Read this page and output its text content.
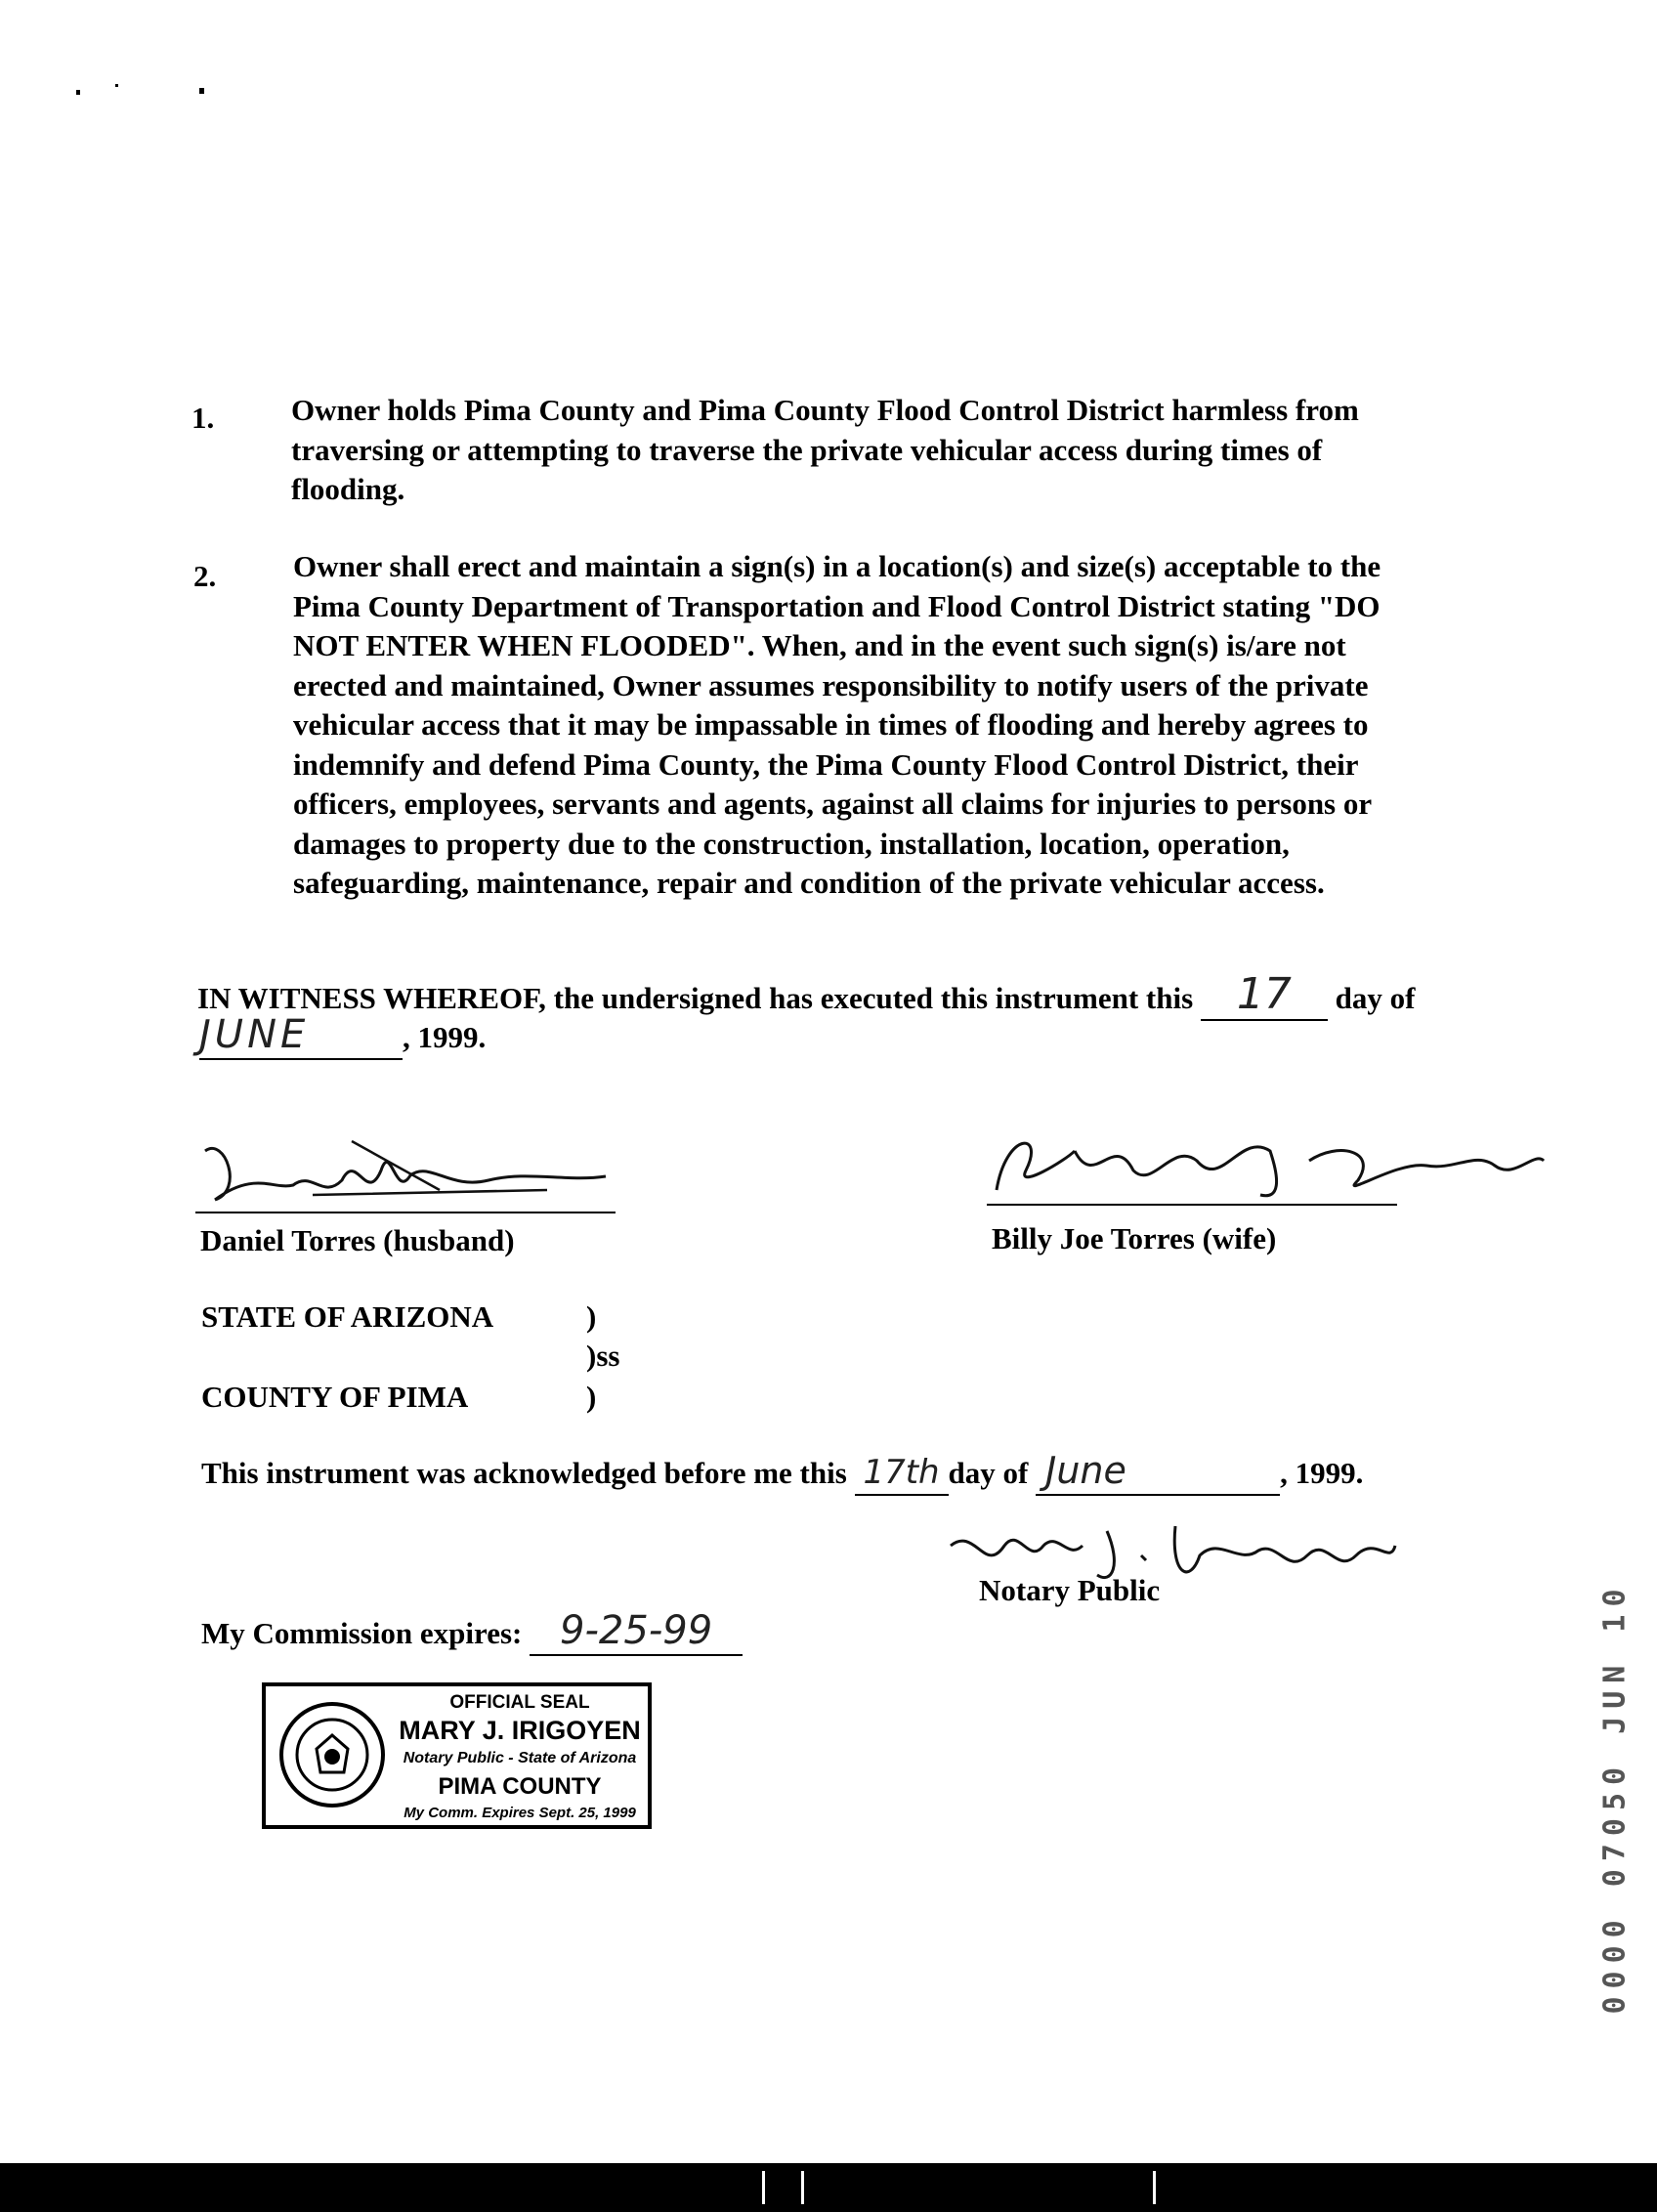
1.	Owner holds Pima County and Pima County Flood Control District harmless from traversing or attempting to traverse the private vehicular access during times of flooding.
2.	Owner shall erect and maintain a sign(s) in a location(s) and size(s) acceptable to the Pima County Department of Transportation and Flood Control District stating "DO NOT ENTER WHEN FLOODED". When, and in the event such sign(s) is/are not erected and maintained, Owner assumes responsibility to notify users of the private vehicular access that it may be impassable in times of flooding and hereby agrees to indemnify and defend Pima County, the Pima County Flood Control District, their officers, employees, servants and agents, against all claims for injuries to persons or damages to property due to the construction, installation, location, operation, safeguarding, maintenance, repair and condition of the private vehicular access.
IN WITNESS WHEREOF, the undersigned has executed this instrument this 17 day of
JUNE	, 1999.
Daniel Torres (husband)	Billy Joe Torres (wife)
STATE OF ARIZONA	)
)ss
COUNTY OF PIMA	)
This instrument was acknowledged before me this 17th day of June	, 1999.
Notary Public
My Commission expires: 9-25-99
OFFICIAL SEAL
MARY J. IRIGOYEN
Notary Public - State of Arizona
PIMA COUNTY
My Comm. Expires Sept. 25, 1999	0000 07050 JUN 10
